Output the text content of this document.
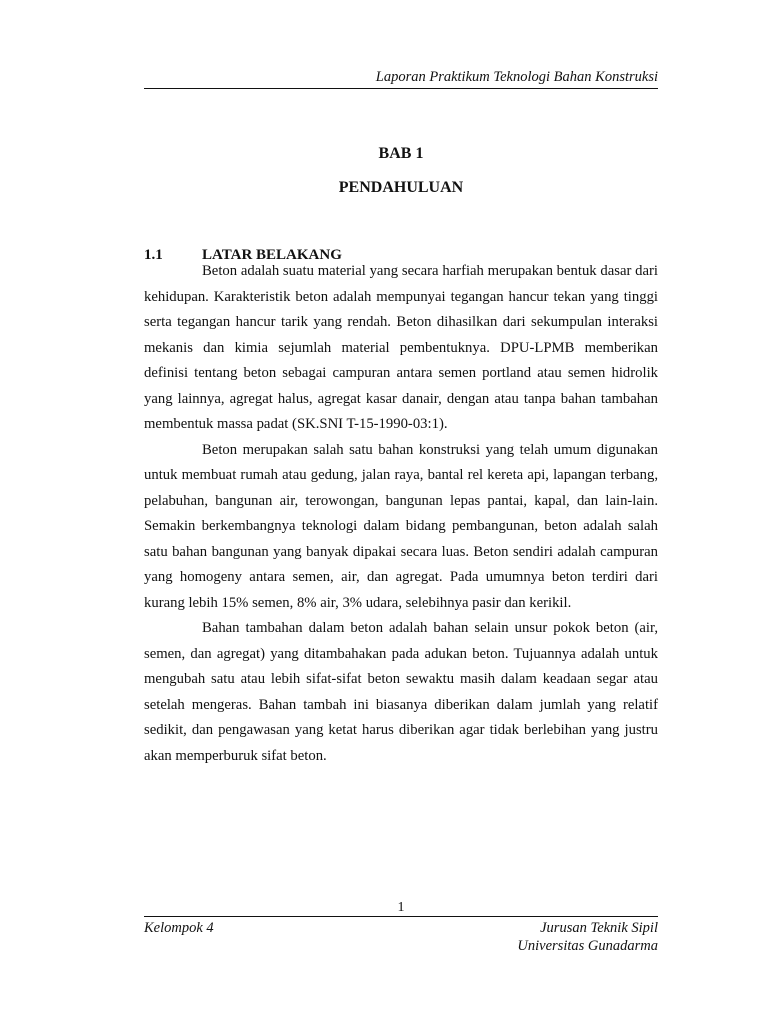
Laporan Praktikum Teknologi Bahan Konstruksi
BAB 1
PENDAHULUAN
1.1	LATAR BELAKANG

Beton adalah suatu material yang secara harfiah merupakan bentuk dasar dari kehidupan. Karakteristik beton adalah mempunyai tegangan hancur tekan yang tinggi serta tegangan hancur tarik yang rendah. Beton dihasilkan dari sekumpulan interaksi mekanis dan kimia sejumlah material pembentuknya. DPU-LPMB memberikan definisi tentang beton sebagai campuran antara semen portland atau semen hidrolik yang lainnya, agregat halus, agregat kasar danair, dengan atau tanpa bahan tambahan membentuk massa padat (SK.SNI T-15-1990-03:1).

Beton merupakan salah satu bahan konstruksi yang telah umum digunakan untuk membuat rumah atau gedung, jalan raya, bantal rel kereta api, lapangan terbang, pelabuhan, bangunan air, terowongan, bangunan lepas pantai, kapal, dan lain-lain. Semakin berkembangnya teknologi dalam bidang pembangunan, beton adalah salah satu bahan bangunan yang banyak dipakai secara luas. Beton sendiri adalah campuran yang homogeny antara semen, air, dan agregat. Pada umumnya beton terdiri dari kurang lebih 15% semen, 8% air, 3% udara, selebihnya pasir dan kerikil.

Bahan tambahan dalam beton adalah bahan selain unsur pokok beton (air, semen, dan agregat) yang ditambahakan pada adukan beton. Tujuannya adalah untuk mengubah satu atau lebih sifat-sifat beton sewaktu masih dalam keadaan segar atau setelah mengeras. Bahan tambah ini biasanya diberikan dalam jumlah yang relatif sedikit, dan pengawasan yang ketat harus diberikan agar tidak berlebihan yang justru akan memperburuk sifat beton.

1
Kelompok 4	Jurusan Teknik Sipil
Universitas Gunadarma
